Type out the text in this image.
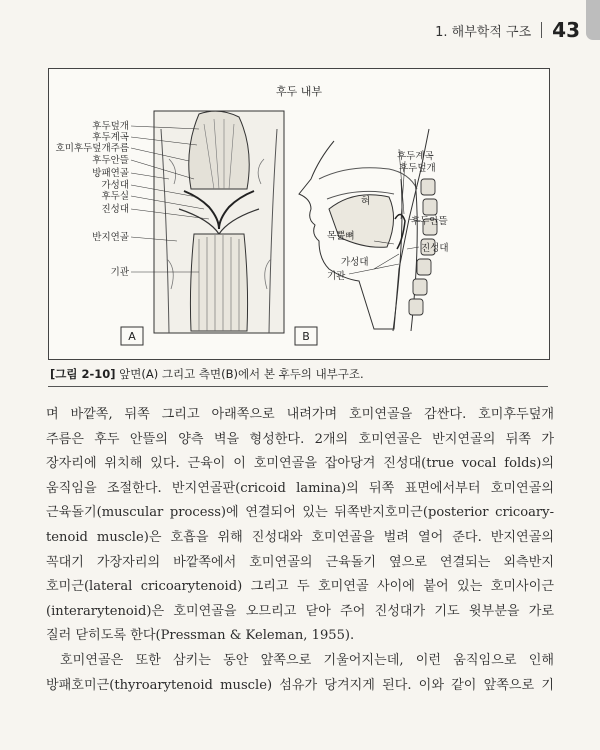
1. 해부학적 구조 43
후두 내부
후두덮개
후두계곡
호미후두덮개주름
후두안뜰
방패연골
가성대
후두실
진성대
반지연골
기관
후두계곡
후두덮개
혀
후두안뜰
목뿔뼈
진성대
가성대
기관
A	B
[그림 2-10] 앞면(A) 그리고 측면(B)에서 본 후두의 내부구조.

며 바깥쪽, 뒤쪽 그리고 아래쪽으로 내려가며 호미연골을 감싼다. 호미후두덮개

주름은 후두 안뜰의 양측 벽을 형성한다. 2개의 호미연골은 반지연골의 뒤쪽 가

장자리에 위치해 있다. 근육이 이 호미연골을 잡아당겨 진성대(true vocal folds)의

움직임을 조절한다. 반지연골판(cricoid lamina)의 뒤쪽 표면에서부터 호미연골의

근육돌기(muscular process)에 연결되어 있는 뒤쪽반지호미근(posterior cricoary-

tenoid muscle)은 호흡을 위해 진성대와 호미연골을 벌려 열어 준다. 반지연골의

꼭대기 가장자리의 바깥쪽에서 호미연골의 근육돌기 옆으로 연결되는 외측반지

호미근(lateral cricoarytenoid) 그리고 두 호미연골 사이에 붙어 있는 호미사이근

(interarytenoid)은 호미연골을 오므리고 닫아 주어 진성대가 기도 윗부분을 가로

질러 닫히도록 한다(Pressman & Keleman, 1955).

호미연골은 또한 삼키는 동안 앞쪽으로 기울어지는데, 이런 움직임으로 인해

방패호미근(thyroarytenoid muscle) 섬유가 당겨지게 된다. 이와 같이 앞쪽으로 기
